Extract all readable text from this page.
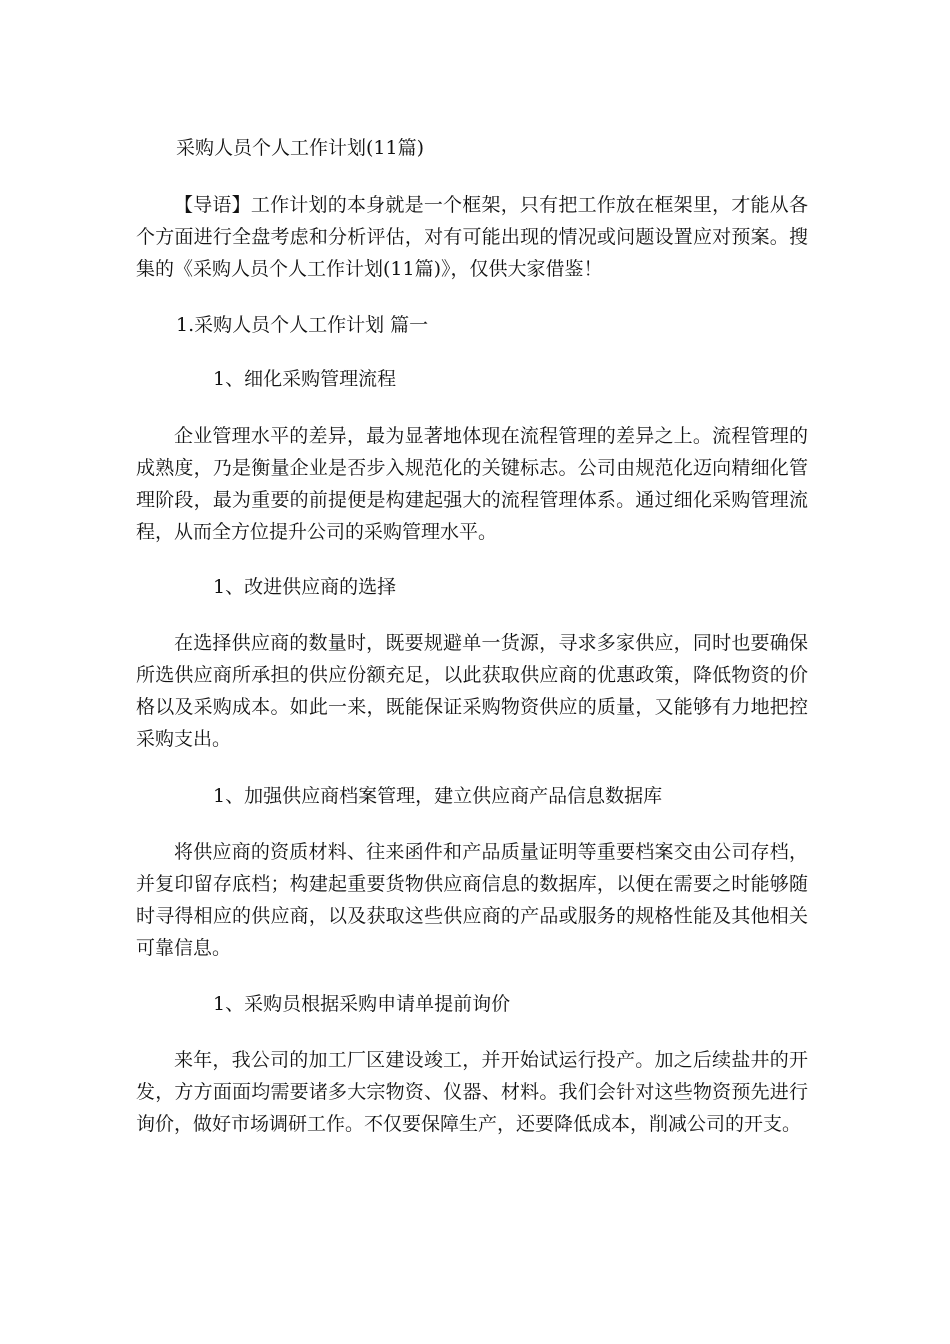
采购人员个人工作计划(11篇)
【导语】工作计划的本身就是一个框架，只有把工作放在框架里，才能从各个方面进行全盘考虑和分析评估，对有可能出现的情况或问题设置应对预案。搜集的《采购人员个人工作计划(11篇)》，仅供大家借鉴！
1.采购人员个人工作计划 篇一
1、细化采购管理流程
企业管理水平的差异，最为显著地体现在流程管理的差异之上。流程管理的成熟度，乃是衡量企业是否步入规范化的关键标志。公司由规范化迈向精细化管理阶段，最为重要的前提便是构建起强大的流程管理体系。通过细化采购管理流程，从而全方位提升公司的采购管理水平。
1、改进供应商的选择
在选择供应商的数量时，既要规避单一货源，寻求多家供应，同时也要确保所选供应商所承担的供应份额充足，以此获取供应商的优惠政策，降低物资的价格以及采购成本。如此一来，既能保证采购物资供应的质量，又能够有力地把控采购支出。
1、加强供应商档案管理，建立供应商产品信息数据库
将供应商的资质材料、往来函件和产品质量证明等重要档案交由公司存档，并复印留存底档；构建起重要货物供应商信息的数据库，以便在需要之时能够随时寻得相应的供应商，以及获取这些供应商的产品或服务的规格性能及其他相关可靠信息。
1、采购员根据采购申请单提前询价
来年，我公司的加工厂区建设竣工，并开始试运行投产。加之后续盐井的开发，方方面面均需要诸多大宗物资、仪器、材料。我们会针对这些物资预先进行询价，做好市场调研工作。不仅要保障生产，还要降低成本，削减公司的开支。
